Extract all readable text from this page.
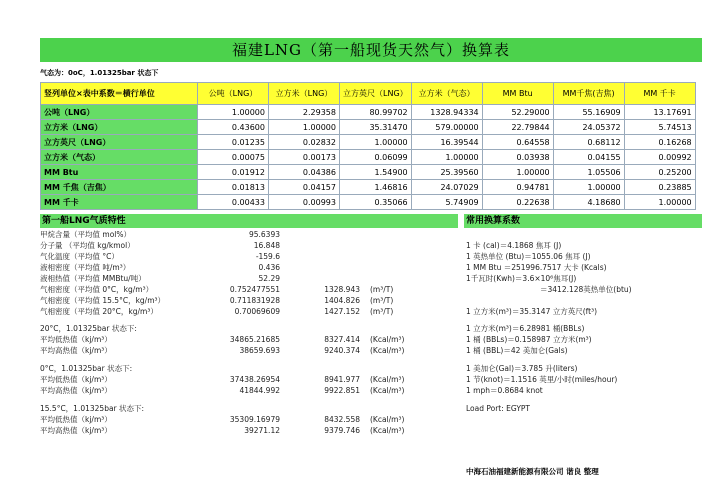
福建LNG（第一船现货天然气）换算表
气态为：0oC，1.01325bar 状态下
竖列单位×表中系数＝横行单位	公吨（LNG）	立方米（LNG）	立方英尺（LNG）	立方米（气态）	MM Btu	MM千焦(吉焦)	MM 千卡
公吨（LNG）	1.00000	2.29358	80.99702	1328.94334	52.29000	55.16909	13.17691
立方米（LNG）	0.43600	1.00000	35.31470	579.00000	22.79844	24.05372	5.74513
立方英尺（LNG）	0.01235	0.02832	1.00000	16.39544	0.64558	0.68112	0.16268
立方米（气态）	0.00075	0.00173	0.06099	1.00000	0.03938	0.04155	0.00992
MM Btu	0.01912	0.04386	1.54900	25.39560	1.00000	1.05506	0.25200
MM 千焦（吉焦）	0.01813	0.04157	1.46816	24.07029	0.94781	1.00000	0.23885
MM 千卡	0.00433	0.00993	0.35066	5.74909	0.22638	4.18680	1.00000
第一船LNG气质特性	常用换算系数
甲烷含量（平均值 mol%）	95.6393
分子量 （平均值 kg/kmol）	16.848
气化温度（平均值 °C）	-159.6
液相密度（平均值 吨/m³）	0.436
液相热值（平均值 MMBtu/吨）	52.29
气相密度（平均值 0°C，kg/m³）	0.752477551	1328.943 (m³/T)
气相密度（平均值 15.5°C，kg/m³）	0.711831928	1404.826 (m³/T)
气相密度（平均值 20°C，kg/m³）	0.70069609	1427.152 (m³/T)
20°C，1.01325bar 状态下:
平均低热值（kj/m³）	34865.21685	8327.414 (Kcal/m³)
平均高热值（kj/m³）	38659.693	9240.374 (Kcal/m³)
0°C，1.01325bar 状态下:
平均低热值（kj/m³）	37438.26954	8941.977 (Kcal/m³)
平均高热值（kj/m³）	41844.992	9922.851 (Kcal/m³)
15.5°C，1.01325bar 状态下:
平均低热值（kj/m³）	35309.16979	8432.558 (Kcal/m³)
平均高热值（kj/m³）	39271.12	9379.746 (Kcal/m³)
1 卡 (cal)＝4.1868 焦耳 (J)
1 英热单位 (Btu)＝1055.06 焦耳 (J)
1 MM Btu ＝251996.7517 大卡 (Kcals)
1千瓦时(Kwh)＝3.6×10⁶焦耳(J)
＝3412.128英热单位(btu)
1 立方米(m³)＝35.3147 立方英尺(ft³)
1 立方米(m³)＝6.28981 桶(BBLs)
1 桶 (BBLs)＝0.158987 立方米(m³)
1 桶 (BBL)＝42 美加仑(Gals)
1 美加仑(Gal)＝3.785 升(liters)
1 节(knot)＝1.1516 英里/小时(miles/hour)
1 mph＝0.8684 knot
Load Port: EGYPT
中海石油福建新能源有限公司 谐良 整理
